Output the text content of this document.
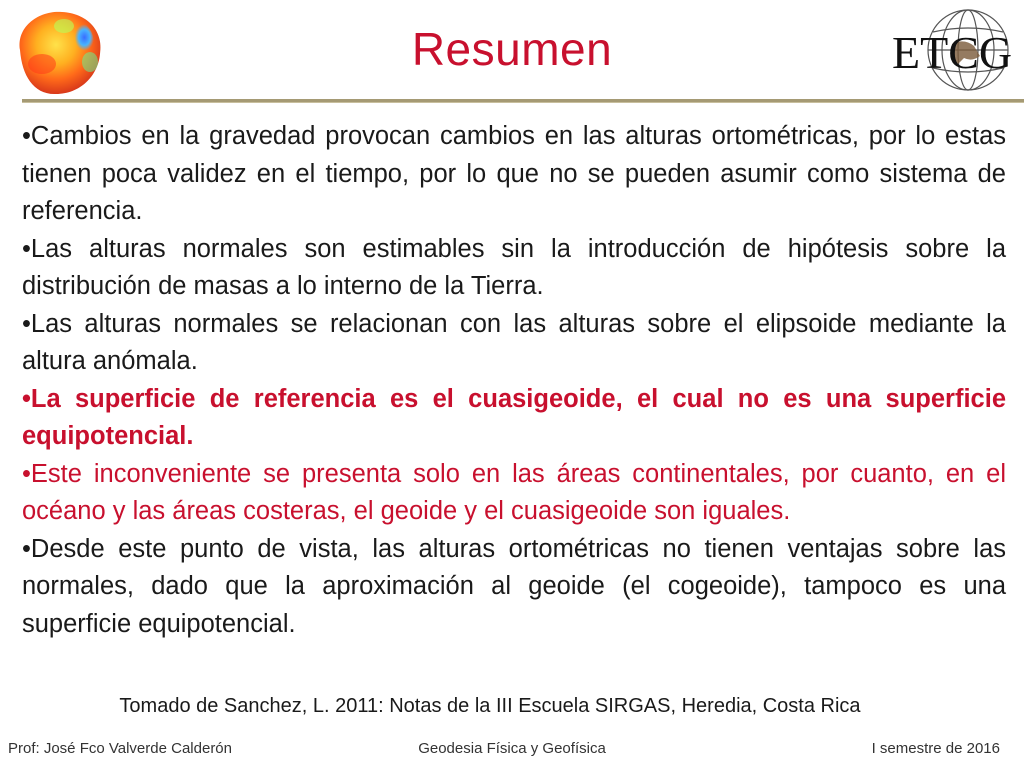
Resumen	ETCG

•Cambios en la gravedad provocan cambios en las alturas ortométricas, por lo estas tienen poca validez en el tiempo, por lo que no se pueden asumir como sistema de referencia.

•Las alturas normales son estimables sin la introducción de hipótesis sobre la distribución de masas a lo interno de la Tierra.

•Las alturas normales se relacionan con las alturas sobre el elipsoide mediante la altura anómala.

•La superficie de referencia es el cuasigeoide, el cual no es una superficie equipotencial.

•Este inconveniente se presenta solo en las áreas continentales, por cuanto, en el océano y las áreas costeras, el geoide y el cuasigeoide son iguales.

•Desde este punto de vista, las alturas ortométricas no tienen ventajas sobre las normales, dado que la aproximación al geoide (el cogeoide), tampoco es una superficie equipotencial.

Tomado de Sanchez, L. 2011: Notas de la III Escuela SIRGAS, Heredia, Costa Rica
Prof: José Fco Valverde Calderón	Geodesia Física y Geofísica	I semestre de 2016
